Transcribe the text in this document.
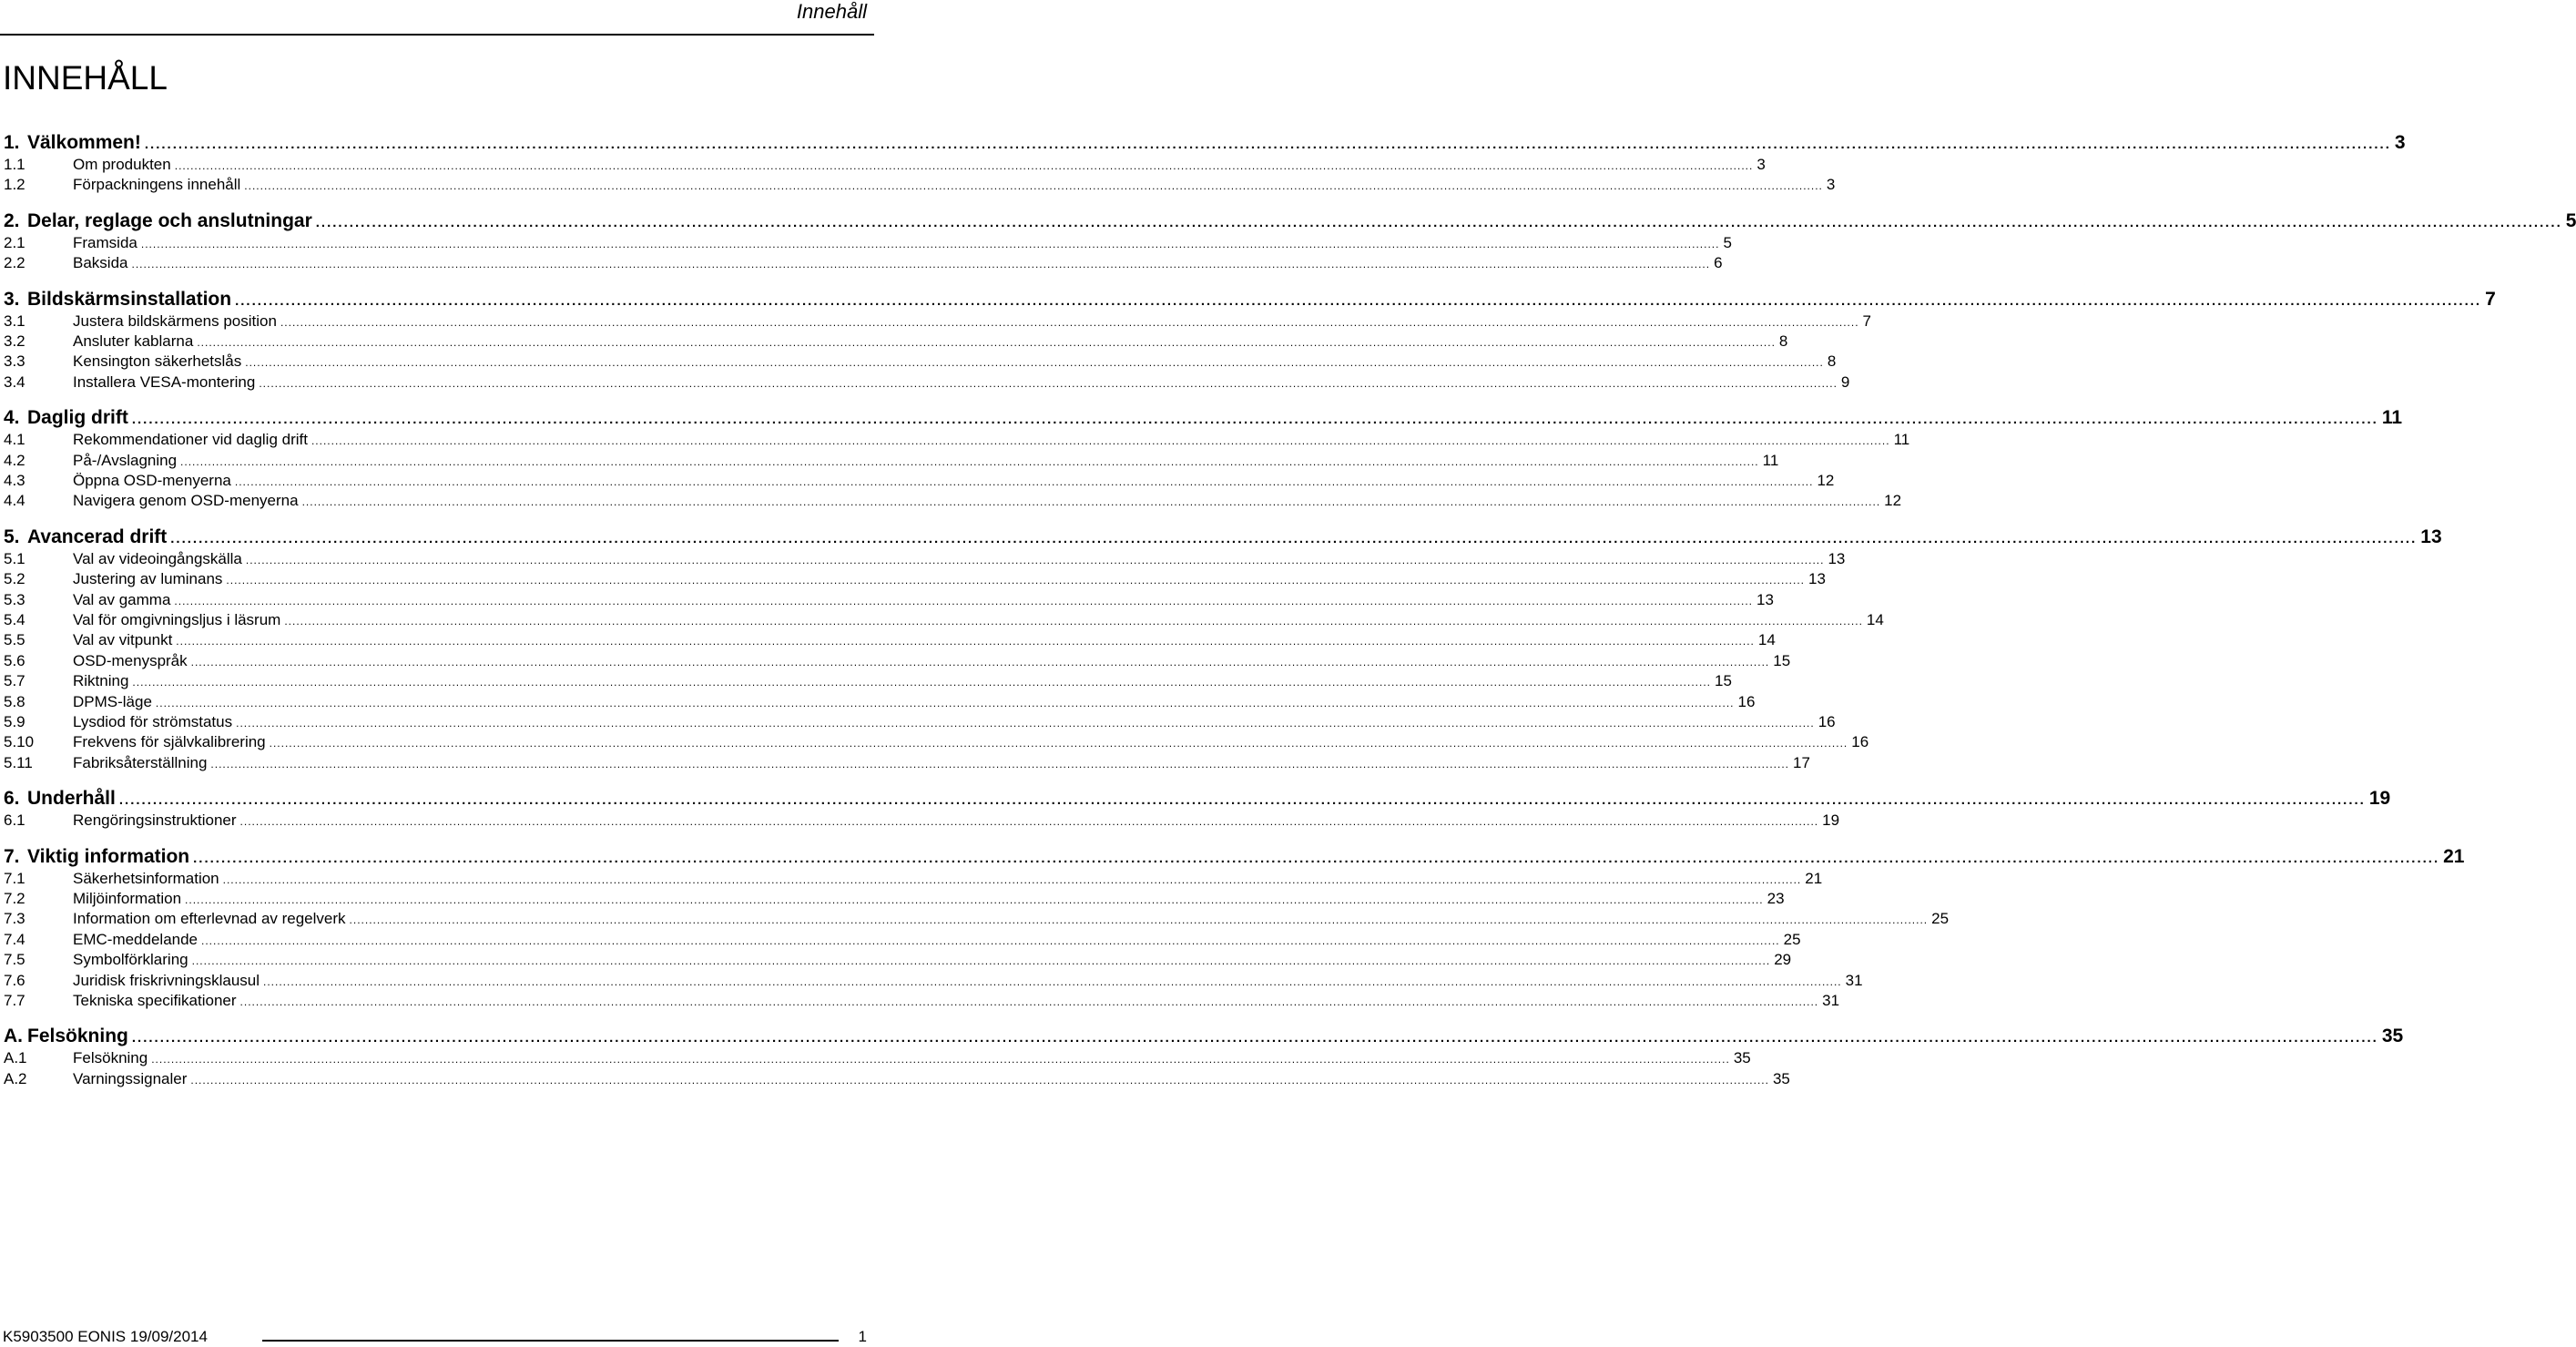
Innehåll
INNEHÅLL
1. Välkommen! ................................................................................................................................................................................................................................................................................................................................................................................................................ 3
1.1	Om produkten ................................................................................................................................................................................................................................................................................................................................................................................................................ 3
1.2	Förpackningens innehåll ................................................................................................................................................................................................................................................................................................................................................................................................................ 3
2. Delar, reglage och anslutningar ................................................................................................................................................................................................................................................................................................................................................................................................................ 5
2.1	Framsida ................................................................................................................................................................................................................................................................................................................................................................................................................ 5
2.2	Baksida ................................................................................................................................................................................................................................................................................................................................................................................................................ 6
3. Bildskärmsinstallation ................................................................................................................................................................................................................................................................................................................................................................................................................ 7
3.1	Justera bildskärmens position ................................................................................................................................................................................................................................................................................................................................................................................................................ 7
3.2	Ansluter kablarna ................................................................................................................................................................................................................................................................................................................................................................................................................ 8
3.3	Kensington säkerhetslås ................................................................................................................................................................................................................................................................................................................................................................................................................ 8
3.4	Installera VESA-montering ................................................................................................................................................................................................................................................................................................................................................................................................................ 9
4. Daglig drift ................................................................................................................................................................................................................................................................................................................................................................................................................ 11
4.1	Rekommendationer vid daglig drift ................................................................................................................................................................................................................................................................................................................................................................................................................ 11
4.2	På-/Avslagning ................................................................................................................................................................................................................................................................................................................................................................................................................ 11
4.3	Öppna OSD-menyerna ................................................................................................................................................................................................................................................................................................................................................................................................................ 12
4.4	Navigera genom OSD-menyerna ................................................................................................................................................................................................................................................................................................................................................................................................................ 12
5. Avancerad drift ................................................................................................................................................................................................................................................................................................................................................................................................................ 13
5.1	Val av videoingångskälla ................................................................................................................................................................................................................................................................................................................................................................................................................ 13
5.2	Justering av luminans ................................................................................................................................................................................................................................................................................................................................................................................................................ 13
5.3	Val av gamma ................................................................................................................................................................................................................................................................................................................................................................................................................ 13
5.4	Val för omgivningsljus i läsrum ................................................................................................................................................................................................................................................................................................................................................................................................................ 14
5.5	Val av vitpunkt ................................................................................................................................................................................................................................................................................................................................................................................................................ 14
5.6	OSD-menyspråk ................................................................................................................................................................................................................................................................................................................................................................................................................ 15
5.7	Riktning ................................................................................................................................................................................................................................................................................................................................................................................................................ 15
5.8	DPMS-läge ................................................................................................................................................................................................................................................................................................................................................................................................................ 16
5.9	Lysdiod för strömstatus ................................................................................................................................................................................................................................................................................................................................................................................................................ 16
5.10	Frekvens för självkalibrering ................................................................................................................................................................................................................................................................................................................................................................................................................ 16
5.11	Fabriksåterställning ................................................................................................................................................................................................................................................................................................................................................................................................................ 17
6. Underhåll ................................................................................................................................................................................................................................................................................................................................................................................................................ 19
6.1	Rengöringsinstruktioner ................................................................................................................................................................................................................................................................................................................................................................................................................ 19
7. Viktig information ................................................................................................................................................................................................................................................................................................................................................................................................................ 21
7.1	Säkerhetsinformation ................................................................................................................................................................................................................................................................................................................................................................................................................ 21
7.2	Miljöinformation ................................................................................................................................................................................................................................................................................................................................................................................................................ 23
7.3	Information om efterlevnad av regelverk ................................................................................................................................................................................................................................................................................................................................................................................................................ 25
7.4	EMC-meddelande ................................................................................................................................................................................................................................................................................................................................................................................................................ 25
7.5	Symbolförklaring ................................................................................................................................................................................................................................................................................................................................................................................................................ 29
7.6	Juridisk friskrivningsklausul ................................................................................................................................................................................................................................................................................................................................................................................................................ 31
7.7	Tekniska specifikationer ................................................................................................................................................................................................................................................................................................................................................................................................................ 31
A. Felsökning ................................................................................................................................................................................................................................................................................................................................................................................................................ 35
A.1	Felsökning ................................................................................................................................................................................................................................................................................................................................................................................................................ 35
A.2	Varningssignaler ................................................................................................................................................................................................................................................................................................................................................................................................................ 35
K5903500 EONIS 19/09/2014	1
